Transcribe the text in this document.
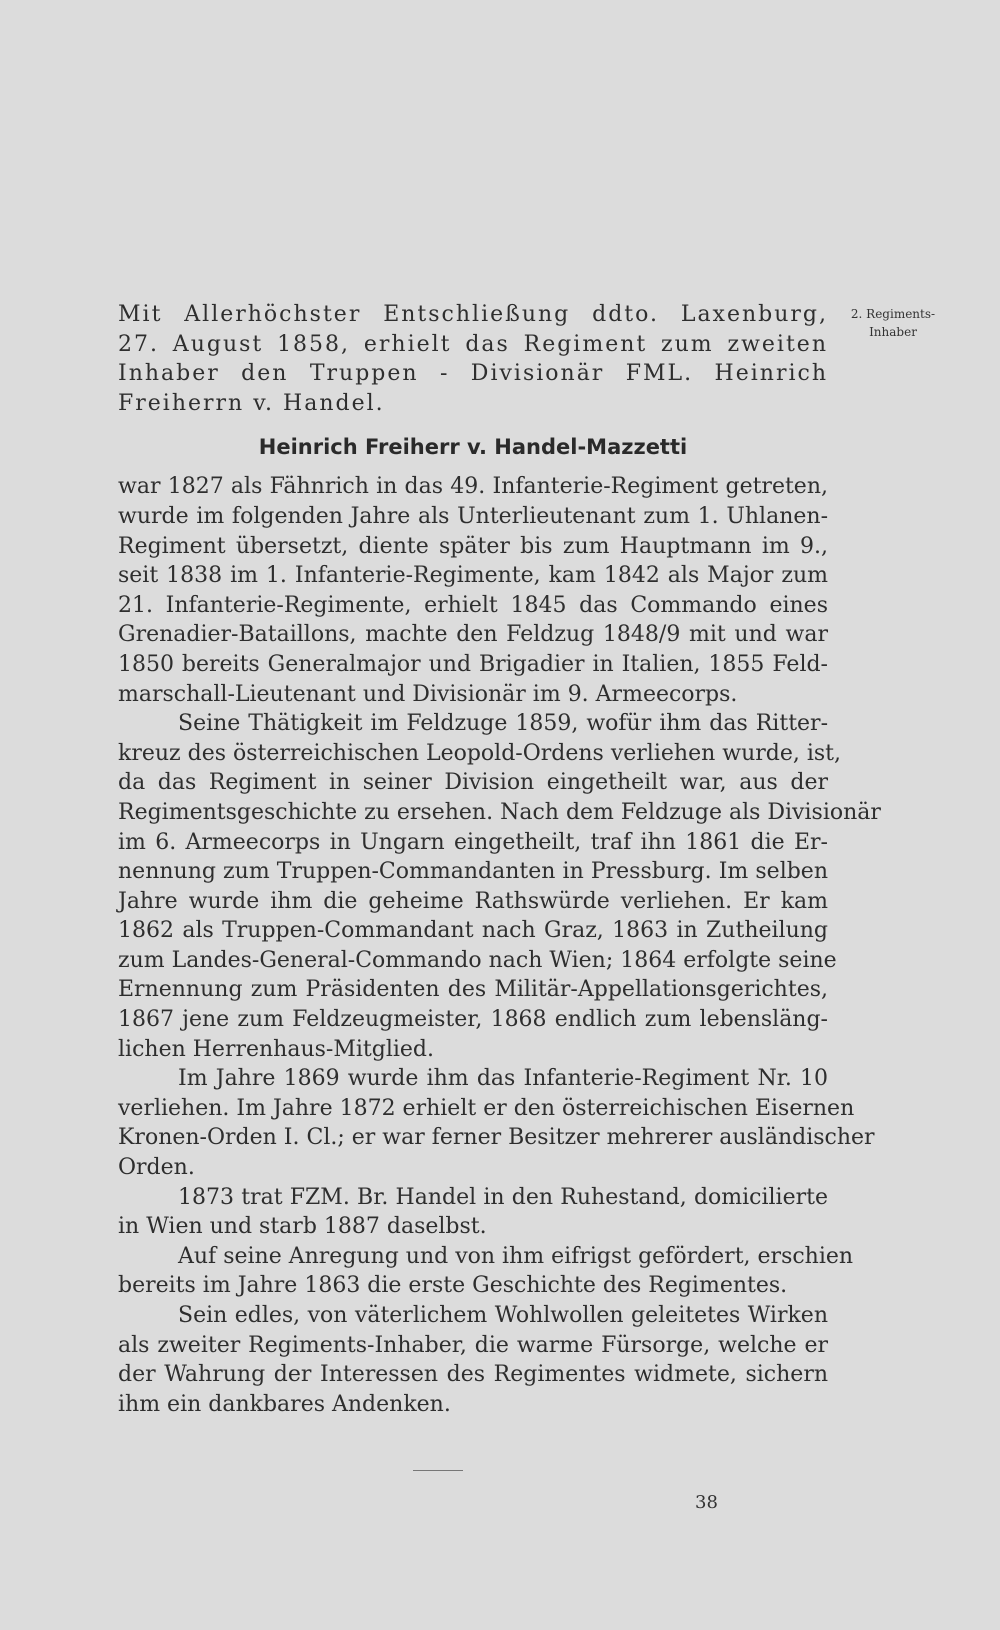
2. Regiments-
Inhaber
Mit Allerhöchster Entschließung ddto. Laxenburg,
27. August 1858, erhielt das Regiment zum zweiten
Inhaber den Truppen - Divisionär FML. Heinrich
Freiherrn v. Handel.
Heinrich Freiherr v. Handel-Mazzetti
war 1827 als Fähnrich in das 49. Infanterie-Regiment getreten,
wurde im folgenden Jahre als Unterlieutenant zum 1. Uhlanen-
Regiment übersetzt, diente später bis zum Hauptmann im 9.,
seit 1838 im 1. Infanterie-Regimente, kam 1842 als Major zum
21. Infanterie-Regimente, erhielt 1845 das Commando eines
Grenadier-Bataillons, machte den Feldzug 1848/9 mit und war
1850 bereits Generalmajor und Brigadier in Italien, 1855 Feld-
marschall-Lieutenant und Divisionär im 9. Armeecorps.
Seine Thätigkeit im Feldzuge 1859, wofür ihm das Ritter-
kreuz des österreichischen Leopold-Ordens verliehen wurde, ist,
da das Regiment in seiner Division eingetheilt war, aus der
Regimentsgeschichte zu ersehen. Nach dem Feldzuge als Divisionär
im 6. Armeecorps in Ungarn eingetheilt, traf ihn 1861 die Er-
nennung zum Truppen-Commandanten in Pressburg. Im selben
Jahre wurde ihm die geheime Rathswürde verliehen. Er kam
1862 als Truppen-Commandant nach Graz, 1863 in Zutheilung
zum Landes-General-Commando nach Wien; 1864 erfolgte seine
Ernennung zum Präsidenten des Militär-Appellationsgerichtes,
1867 jene zum Feldzeugmeister, 1868 endlich zum lebensläng-
lichen Herrenhaus-Mitglied.
Im Jahre 1869 wurde ihm das Infanterie-Regiment Nr. 10
verliehen. Im Jahre 1872 erhielt er den österreichischen Eisernen
Kronen-Orden I. Cl.; er war ferner Besitzer mehrerer ausländischer
Orden.
1873 trat FZM. Br. Handel in den Ruhestand, domicilierte
in Wien und starb 1887 daselbst.
Auf seine Anregung und von ihm eifrigst gefördert, erschien
bereits im Jahre 1863 die erste Geschichte des Regimentes.
Sein edles, von väterlichem Wohlwollen geleitetes Wirken
als zweiter Regiments-Inhaber, die warme Fürsorge, welche er
der Wahrung der Interessen des Regimentes widmete, sichern
ihm ein dankbares Andenken.
38
